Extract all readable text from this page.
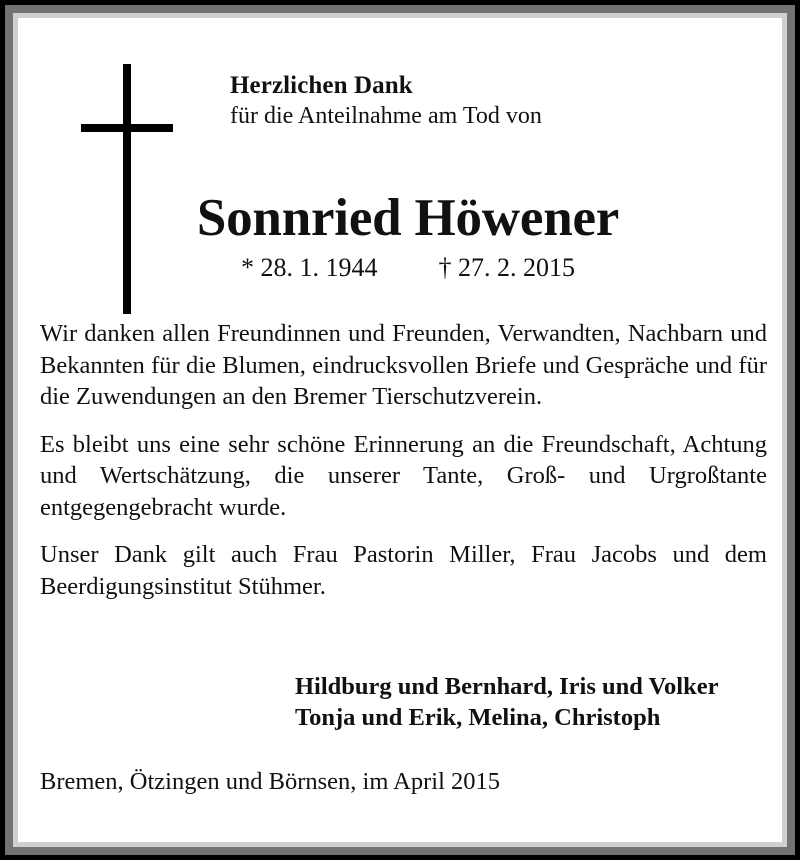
Herzlichen Dank
für die Anteilnahme am Tod von
Sonnried Höwener
* 28. 1. 1944 † 27. 2. 2015

Wir danken allen Freundinnen und Freunden, Verwandten, Nachbarn und Bekannten für die Blumen, eindrucksvollen Briefe und Gespräche und für die Zuwendungen an den Bremer Tierschutzverein.

Es bleibt uns eine sehr schöne Erinnerung an die Freundschaft, Achtung und Wertschätzung, die unserer Tante, Groß- und Urgroßtante entgegengebracht wurde.

Unser Dank gilt auch Frau Pastorin Miller, Frau Jacobs und dem Beerdigungsinstitut Stühmer.

Hildburg und Bernhard, Iris und Volker
Tonja und Erik, Melina, Christoph
Bremen, Ötzingen und Börnsen, im April 2015
